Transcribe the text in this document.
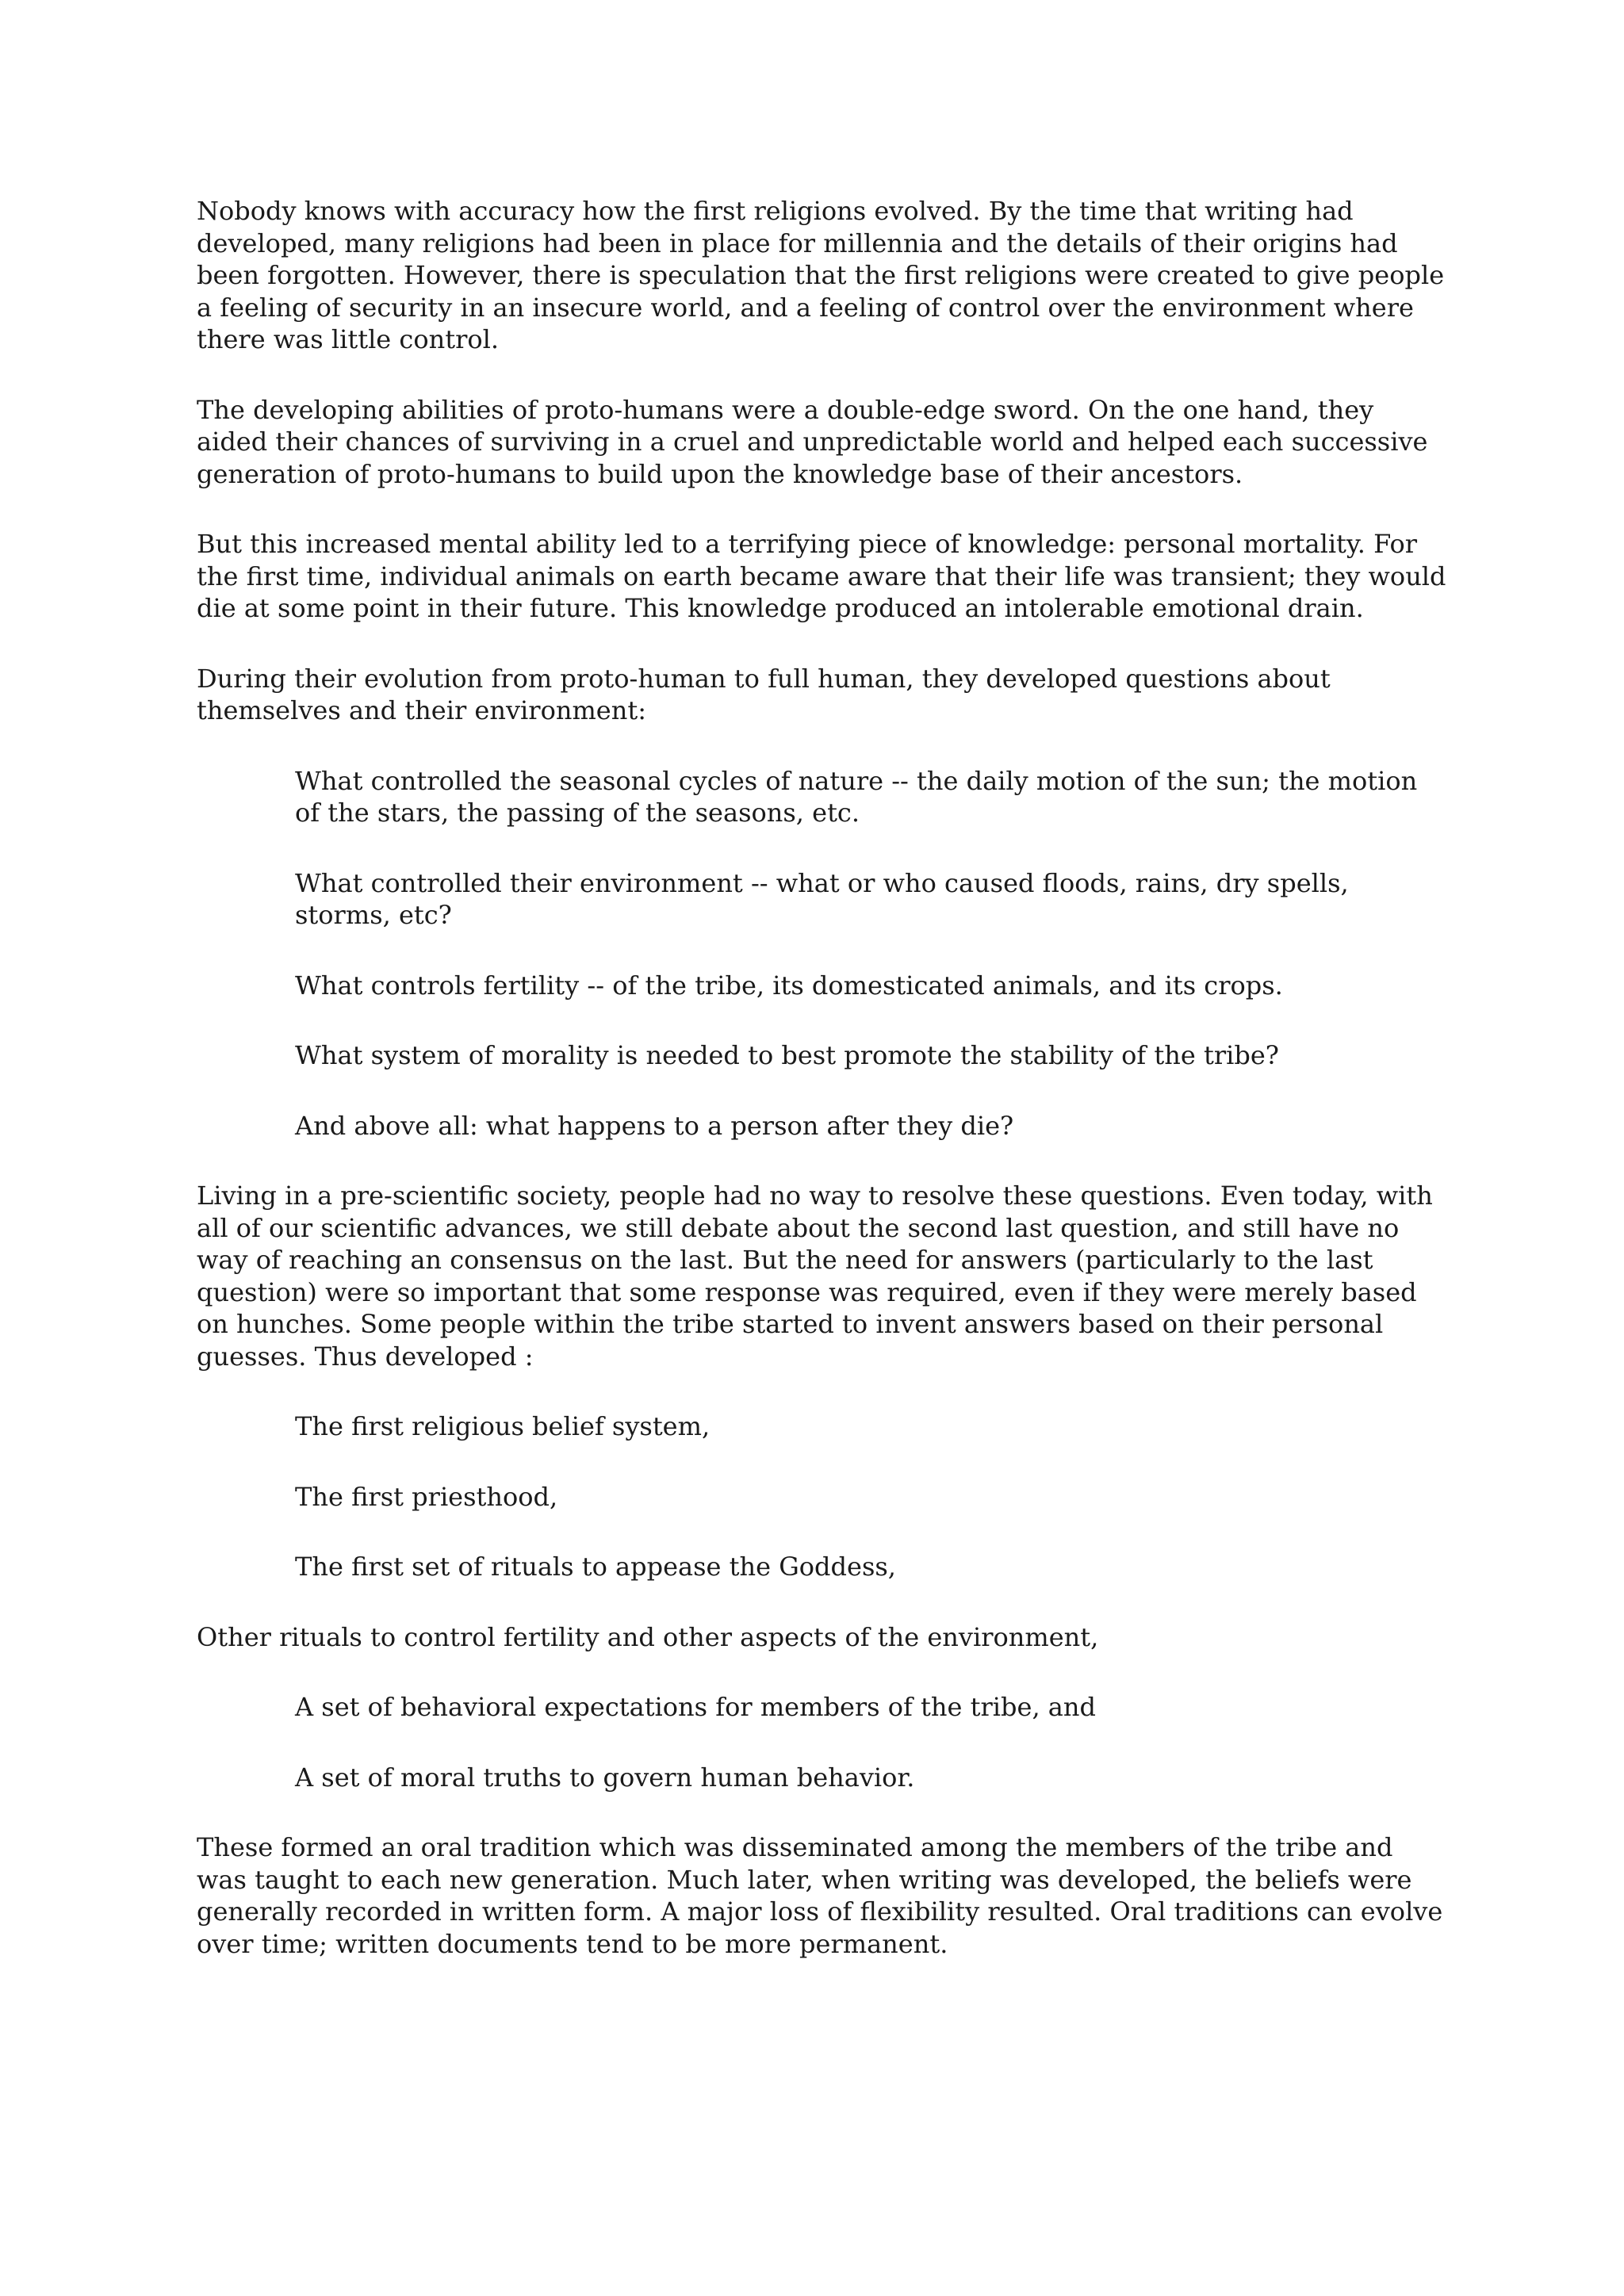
Nobody knows with accuracy how the first religions evolved. By the time that writing had developed, many religions had been in place for millennia and the details of their origins had been forgotten. However, there is speculation that the first religions were created to give people a feeling of security in an insecure world, and a feeling of control over the environment where there was little control.

The developing abilities of proto-humans were a double-edge sword. On the one hand, they aided their chances of surviving in a cruel and unpredictable world and helped each successive generation of proto-humans to build upon the knowledge base of their ancestors.

But this increased mental ability led to a terrifying piece of knowledge: personal mortality. For the first time, individual animals on earth became aware that their life was transient; they would die at some point in their future. This knowledge produced an intolerable emotional drain.

During their evolution from proto-human to full human, they developed questions about themselves and their environment:

What controlled the seasonal cycles of nature -- the daily motion of the sun; the motion of the stars, the passing of the seasons, etc.

What controlled their environment -- what or who caused floods, rains, dry spells, storms, etc?

What controls fertility -- of the tribe, its domesticated animals, and its crops.

What system of morality is needed to best promote the stability of the tribe?

And above all: what happens to a person after they die?

Living in a pre-scientific society, people had no way to resolve these questions. Even today, with all of our scientific advances, we still debate about the second last question, and still have no way of reaching an consensus on the last. But the need for answers (particularly to the last question) were so important that some response was required, even if they were merely based on hunches. Some people within the tribe started to invent answers based on their personal guesses. Thus developed :

The first religious belief system,

The first priesthood,

The first set of rituals to appease the Goddess,

Other rituals to control fertility and other aspects of the environment,

A set of behavioral expectations for members of the tribe, and

A set of moral truths to govern human behavior.

These formed an oral tradition which was disseminated among the members of the tribe and was taught to each new generation. Much later, when writing was developed, the beliefs were generally recorded in written form. A major loss of flexibility resulted. Oral traditions can evolve over time; written documents tend to be more permanent.
